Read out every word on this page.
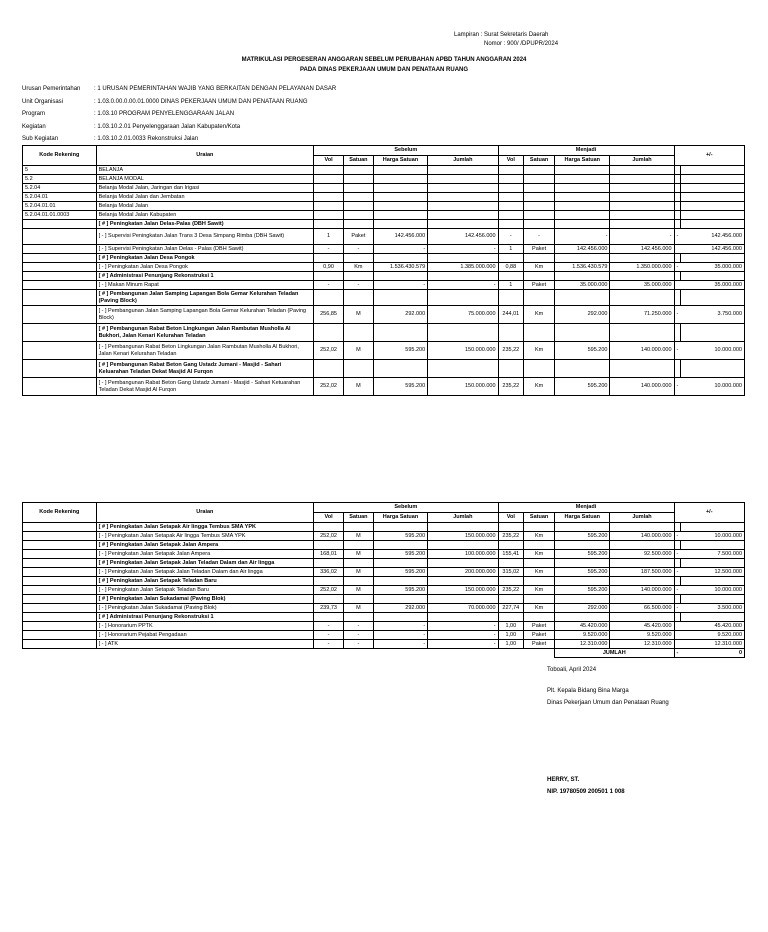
Lampiran : Surat Sekretaris Daerah
Nomor : 900/ /DPUPR/2024
MATRIKULASI PERGESERAN ANGGARAN SEBELUM PERUBAHAN APBD TAHUN ANGGARAN 2024
PADA DINAS PEKERJAAN UMUM DAN PENATAAN RUANG
Urusan Pemerintahan : 1 URUSAN PEMERINTAHAN WAJIB YANG BERKAITAN DENGAN PELAYANAN DASAR
Unit Organisasi	: 1.03.0.00.0.00.01.0000 DINAS PEKERJAAN UMUM DAN PENATAAN RUANG
Program	: 1.03.10 PROGRAM PENYELENGGARAAN JALAN
Kegiatan	: 1.03.10.2.01 Penyelenggaraan Jalan Kabupaten/Kota
Sub Kegiatan	: 1.03.10.2.01.0033 Rekonstruksi Jalan
Kode Rekening	Uraian	Sebelum				Menjadi				+/-	
		Vol	Satuan	Harga Satuan	Jumlah	Vol	Satuan	Harga Satuan	Jumlah		
5	BELANJA										
5.2	BELANJA MODAL										
5.2.04	Belanja Modal Jalan, Jaringan dan Irigasi										
5.2.04.01	Belanja Modal Jalan dan Jembatan										
5.2.04.01.01	Belanja Modal Jalan										
5.2.04.01.01.0003	Belanja Modal Jalan Kabupaten										
	[ # ] Peningkatan Jalan Delas-Palas (DBH Sawit)										
	[ - ] Supervisi Peningkatan Jalan Trans 3 Desa Simpang Rimba (DBH Sawit)	1	Paket	142.456.000	142.456.000	-	-	-	-	-	142.456.000
	[ - ] Supervisi Peningkatan Jalan Delas - Palas (DBH Sawit)	-	-	-	-	1	Paket	142.456.000	142.456.000		142.456.000
	[ # ] Peningkatan Jalan Desa Pongok										
	[ - ] Peningkatan Jalan Desa Pongok	0,90	Km	1.536.430.579	1.385.000.000	0,88	Km	1.536.430.579	1.350.000.000	-	35.000.000
	[ # ] Administrasi Penunjang Rekonstruksi 1										
	[ - ] Makan Minum Rapat	-	-	-	-	1	Paket	35.000.000	35.000.000		35.000.000
	[ # ] Pembangunan Jalan Samping Lapangan Bola Gemar Kelurahan Teladan (Paving Block)										
	[ - ] Pembangunan Jalan Samping Lapangan Bola Gemar Kelurahan Teladan (Paving Block)	256,85	M	292.000	75.000.000	244,01	Km	292.000	71.250.000	-	3.750.000
	[ # ] Pembangunan Rabat Beton Lingkungan Jalan Rambutan Musholla Al Bukhori, Jalan Kenari Kelurahan Teladan										
	[ - ] Pembangunan Rabat Beton Lingkungan Jalan Rambutan Musholla Al Bukhori, Jalan Kenari Kelurahan Teladan	252,02	M	595.200	150.000.000	235,22	Km	595.200	140.000.000	-	10.000.000
	[ # ] Pembangunan Rabat Beton Gang Ustadz Jumani - Masjid - Sahari Keluarahan Teladan Dekat Masjid Al Furqon										
	[ - ] Pembangunan Rabat Beton Gang Ustadz Jumani - Masjid - Sahari Ketuarahan Teladan Dekat Masjid Al Furqon	252,02	M	595.200	150.000.000	235,22	Km	595.200	140.000.000	-	10.000.000
Kode Rekening	Uraian	Sebelum				Menjadi				+/-	
		Vol	Satuan	Harga Satuan	Jumlah	Vol	Satuan	Harga Satuan	Jumlah		
	[ # ] Peningkatan Jalan Setapak Air lingga Tembus SMA YPK										
	[ - ] Peningkatan Jalan Setapak Air lingga Tembus SMA YPK	252,02	M	595.200	150.000.000	235,22	Km	595.200	140.000.000	-	10.000.000
	[ # ] Peningkatan Jalan Setapak Jalan Ampera										
	[ - ] Peningkatan Jalan Setapak Jalan Ampera	168,01	M	595.200	100.000.000	155,41	Km	595.200	92.500.000	-	7.500.000
	[ # ] Peningkatan Jalan Setapak Jalan Teladan Dalam dan Air lingga										
	[ - ] Peningkatan Jalan Setapak Jalan Teladan Dalam dan Air lingga	336,02	M	595.200	200.000.000	315,02	Km	595.200	187.500.000	-	12.500.000
	[ # ] Peningkatan Jalan Setapak Teladan Baru										
	[ - ] Peningkatan Jalan Setapak Teladan Baru	252,02	M	595.200	150.000.000	235,22	Km	595.200	140.000.000	-	10.000.000
	[ # ] Peningkatan Jalan Sukadamai (Paving Blok)										
	[ - ] Peningkatan Jalan Sukadamai (Paving Blok)	239,73	M	292.000	70.000.000	227,74	Km	292.000	66.500.000	-	3.500.000
	[ # ] Administrasi Penunjang Rekonstruksi 1										
	[ - ] Honorarium PPTK	-	-	-	-	1,00	Paket	45.420.000	45.420.000		45.420.000
	[ - ] Honorarium Pejabat Pengadaan	-	-	-	-	1,00	Paket	9.520.000	9.520.000		9.520.000
	[ - ] ATK	-	-	-	-	1,00	Paket	12.310.000	12.310.000		12.310.000
								JUMLAH		-	0
Toboali, April 2024
Plt. Kepala Bidang Bina Marga
Dinas Pekerjaan Umum dan Penataan Ruang
HERRY, ST.
NIP. 19780509 200501 1 008
